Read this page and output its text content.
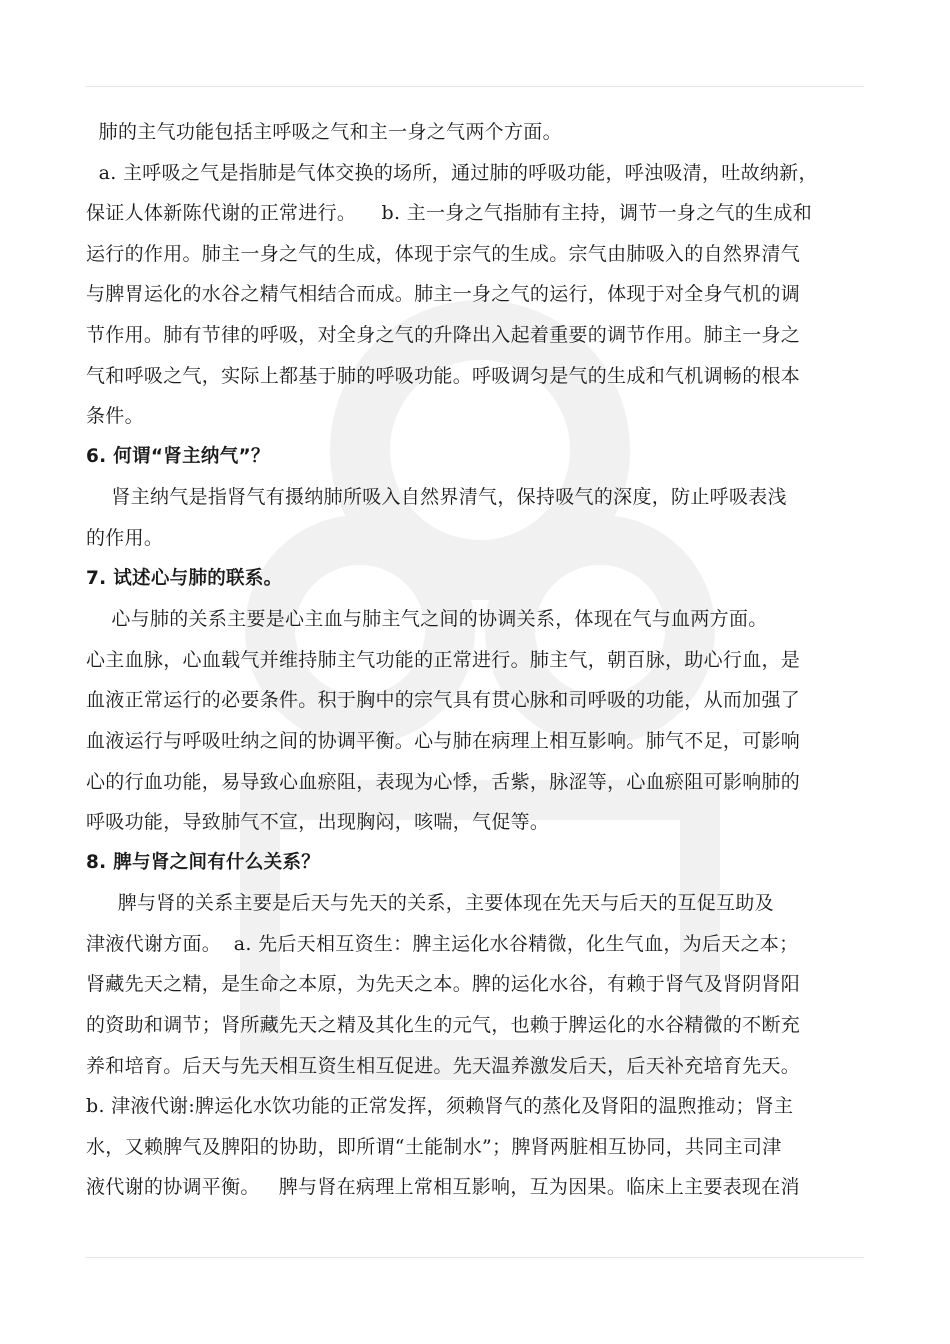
肺的主气功能包括主呼吸之气和主一身之气两个方面。
a. 主呼吸之气是指肺是气体交换的场所，通过肺的呼吸功能，呼浊吸清，吐故纳新，
保证人体新陈代谢的正常进行。    b. 主一身之气指肺有主持，调节一身之气的生成和
运行的作用。肺主一身之气的生成，体现于宗气的生成。宗气由肺吸入的自然界清气
与脾胃运化的水谷之精气相结合而成。肺主一身之气的运行，体现于对全身气机的调
节作用。肺有节律的呼吸，对全身之气的升降出入起着重要的调节作用。肺主一身之
气和呼吸之气，实际上都基于肺的呼吸功能。呼吸调匀是气的生成和气机调畅的根本
条件。
6. 何谓“肾主纳气”？
肾主纳气是指肾气有摄纳肺所吸入自然界清气，保持吸气的深度，防止呼吸表浅
的作用。
7. 试述心与肺的联系。
心与肺的关系主要是心主血与肺主气之间的协调关系，体现在气与血两方面。
心主血脉，心血载气并维持肺主气功能的正常进行。肺主气，朝百脉，助心行血，是
血液正常运行的必要条件。积于胸中的宗气具有贯心脉和司呼吸的功能，从而加强了
血液运行与呼吸吐纳之间的协调平衡。心与肺在病理上相互影响。肺气不足，可影响
心的行血功能，易导致心血瘀阻，表现为心悸，舌紫，脉涩等，心血瘀阻可影响肺的
呼吸功能，导致肺气不宣，出现胸闷，咳喘，气促等。
8. 脾与肾之间有什么关系？
脾与肾的关系主要是后天与先天的关系，主要体现在先天与后天的互促互助及
津液代谢方面。  a. 先后天相互资生：脾主运化水谷精微，化生气血，为后天之本；
肾藏先天之精，是生命之本原，为先天之本。脾的运化水谷，有赖于肾气及肾阴肾阳
的资助和调节；肾所藏先天之精及其化生的元气，也赖于脾运化的水谷精微的不断充
养和培育。后天与先天相互资生相互促进。先天温养激发后天，后天补充培育先天。
b. 津液代谢:脾运化水饮功能的正常发挥，须赖肾气的蒸化及肾阳的温煦推动；肾主
水，又赖脾气及脾阳的协助，即所谓“土能制水”；脾肾两脏相互协同，共同主司津
液代谢的协调平衡。   脾与肾在病理上常相互影响，互为因果。临床上主要表现在消
